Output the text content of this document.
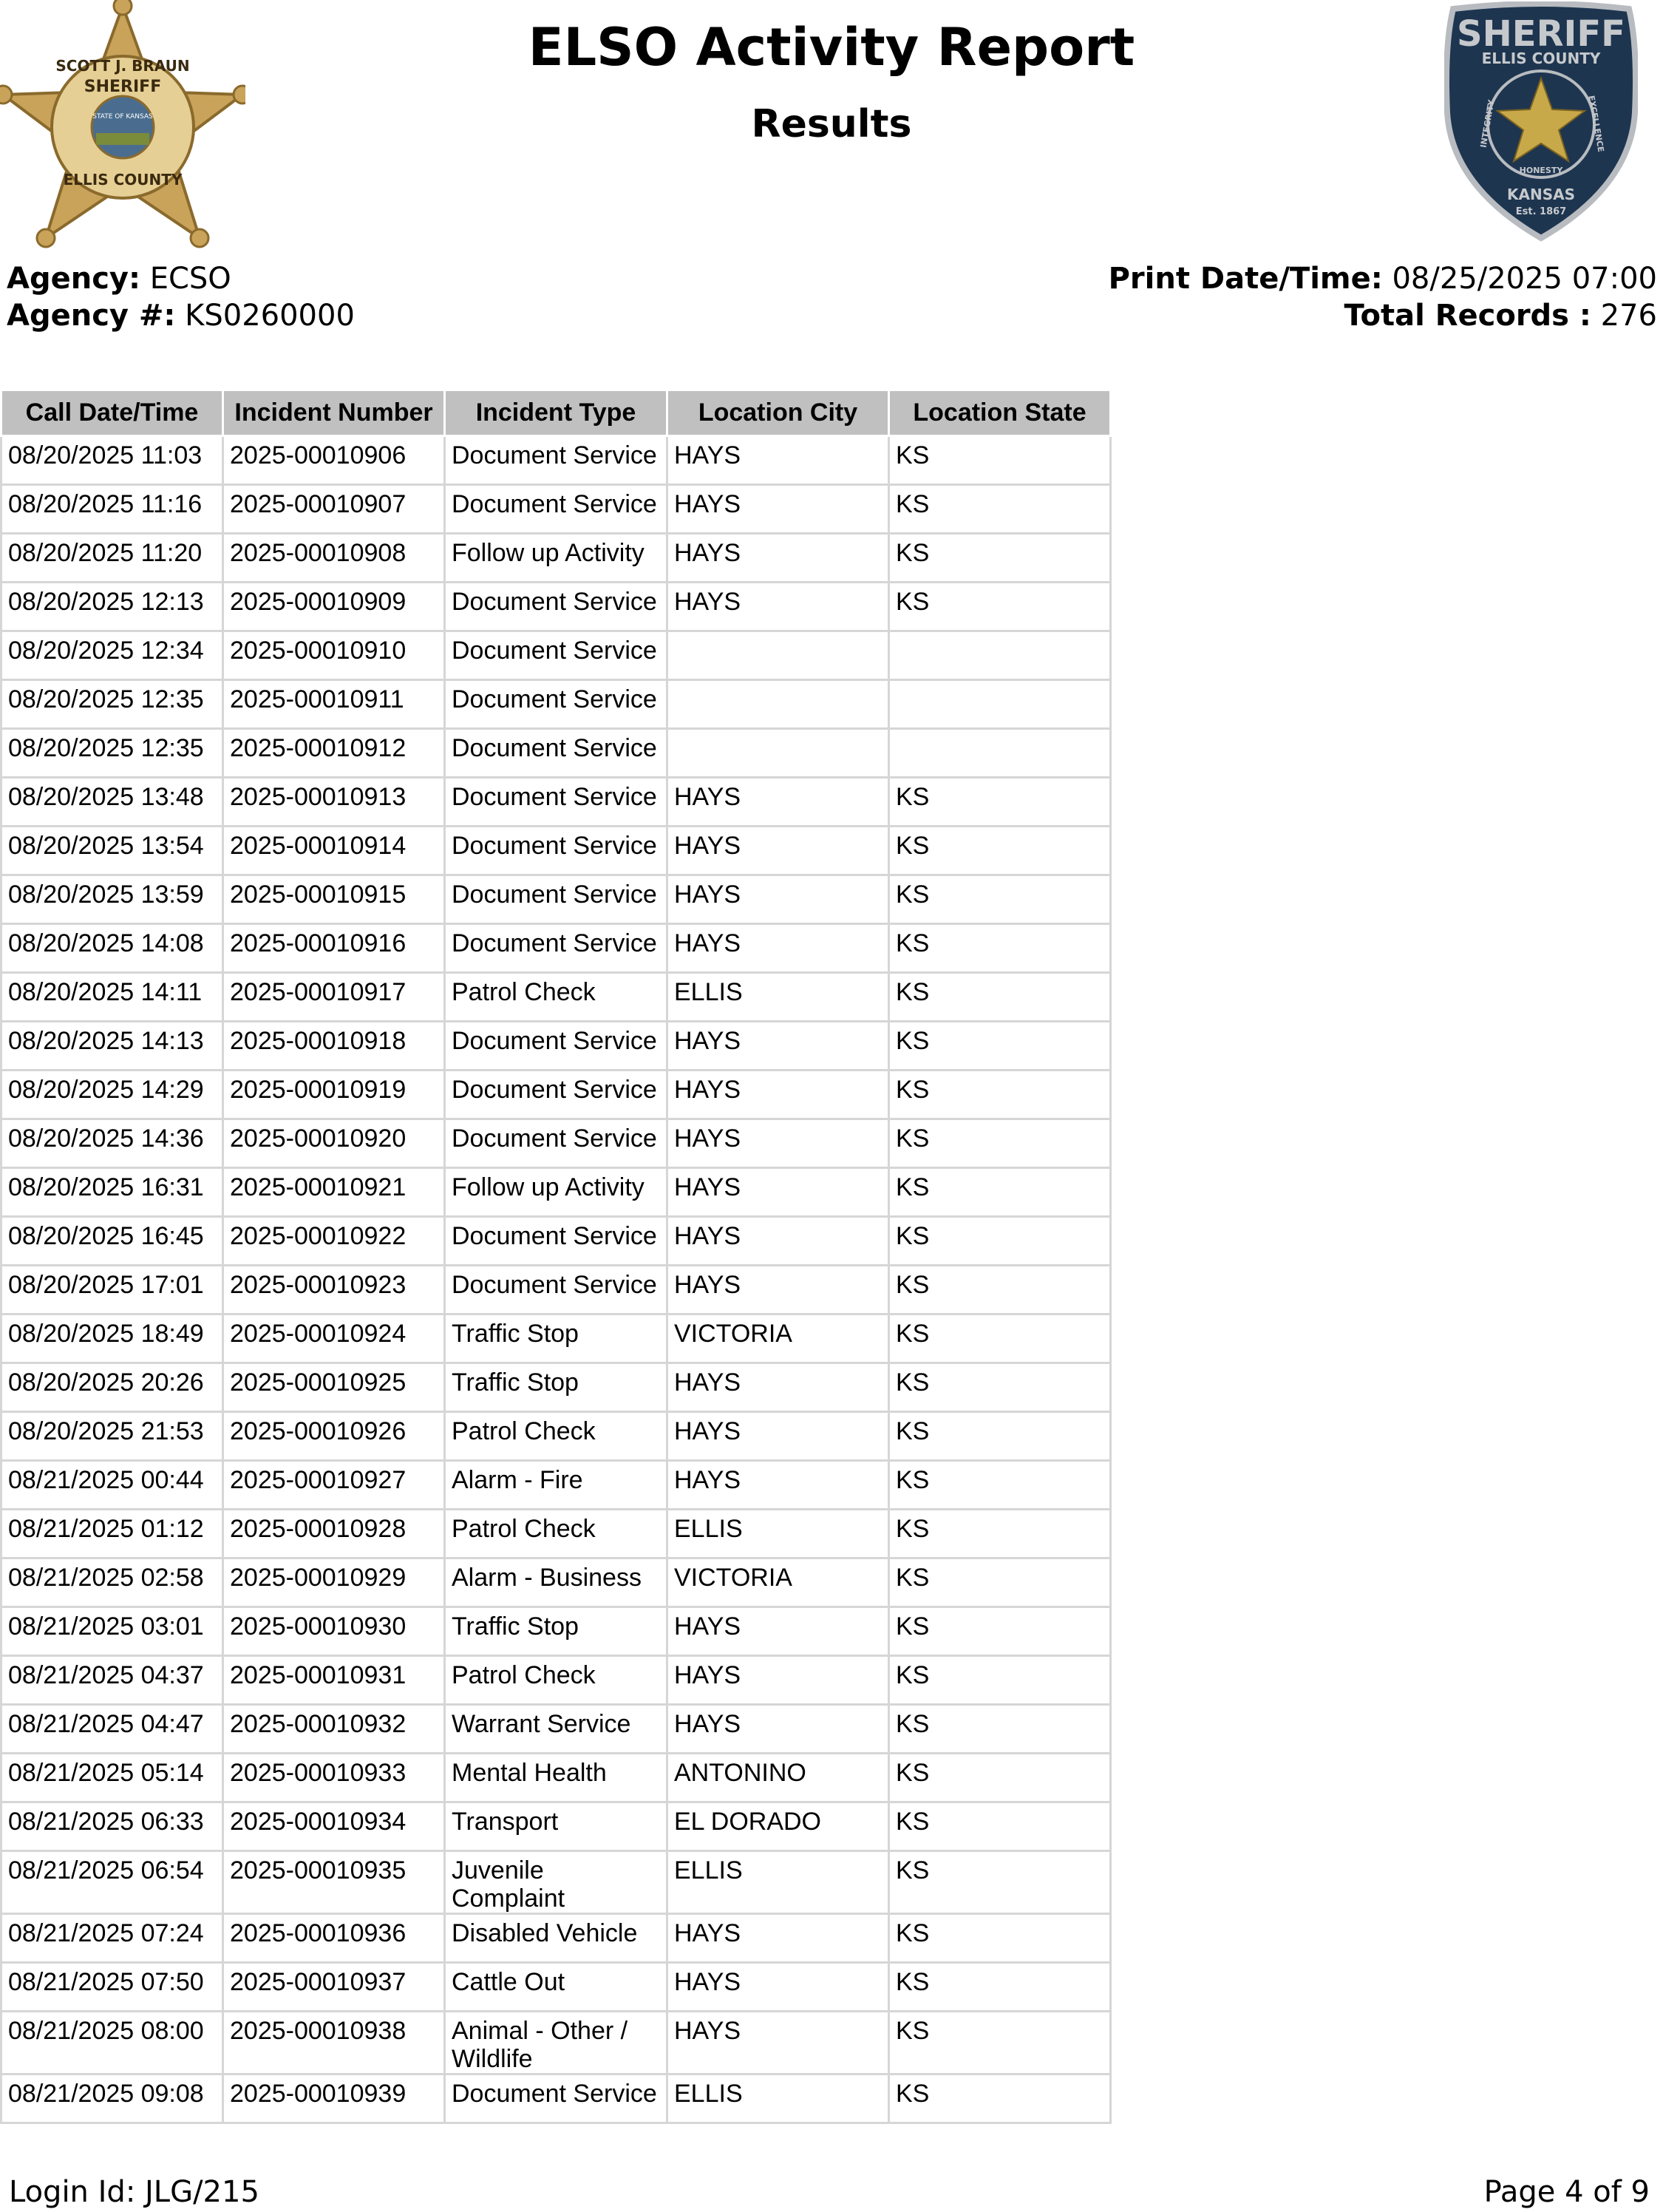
SCOTT J. BRAUN
SHERIFF
STATE OF KANSAS
ELLIS COUNTY
SHERIFF
ELLIS COUNTY
INTEGRITY	EXCELLENCE
HONESTY
KANSAS
Est. 1867
ELSO Activity Report
Results
Agency: ECSO
Agency #: KS0260000
Print Date/Time: 08/25/2025 07:00
Total Records : 276
Call Date/Time	Incident Number	Incident Type	Location City	Location State
08/20/2025 11:03	2025-00010906	Document Service	HAYS	KS
08/20/2025 11:16	2025-00010907	Document Service	HAYS	KS
08/20/2025 11:20	2025-00010908	Follow up Activity	HAYS	KS
08/20/2025 12:13	2025-00010909	Document Service	HAYS	KS
08/20/2025 12:34	2025-00010910	Document Service		
08/20/2025 12:35	2025-00010911	Document Service		
08/20/2025 12:35	2025-00010912	Document Service		
08/20/2025 13:48	2025-00010913	Document Service	HAYS	KS
08/20/2025 13:54	2025-00010914	Document Service	HAYS	KS
08/20/2025 13:59	2025-00010915	Document Service	HAYS	KS
08/20/2025 14:08	2025-00010916	Document Service	HAYS	KS
08/20/2025 14:11	2025-00010917	Patrol Check	ELLIS	KS
08/20/2025 14:13	2025-00010918	Document Service	HAYS	KS
08/20/2025 14:29	2025-00010919	Document Service	HAYS	KS
08/20/2025 14:36	2025-00010920	Document Service	HAYS	KS
08/20/2025 16:31	2025-00010921	Follow up Activity	HAYS	KS
08/20/2025 16:45	2025-00010922	Document Service	HAYS	KS
08/20/2025 17:01	2025-00010923	Document Service	HAYS	KS
08/20/2025 18:49	2025-00010924	Traffic Stop	VICTORIA	KS
08/20/2025 20:26	2025-00010925	Traffic Stop	HAYS	KS
08/20/2025 21:53	2025-00010926	Patrol Check	HAYS	KS
08/21/2025 00:44	2025-00010927	Alarm - Fire	HAYS	KS
08/21/2025 01:12	2025-00010928	Patrol Check	ELLIS	KS
08/21/2025 02:58	2025-00010929	Alarm - Business	VICTORIA	KS
08/21/2025 03:01	2025-00010930	Traffic Stop	HAYS	KS
08/21/2025 04:37	2025-00010931	Patrol Check	HAYS	KS
08/21/2025 04:47	2025-00010932	Warrant Service	HAYS	KS
08/21/2025 05:14	2025-00010933	Mental Health	ANTONINO	KS
08/21/2025 06:33	2025-00010934	Transport	EL DORADO	KS
08/21/2025 06:54	2025-00010935	Juvenile Complaint	ELLIS	KS
08/21/2025 07:24	2025-00010936	Disabled Vehicle	HAYS	KS
08/21/2025 07:50	2025-00010937	Cattle Out	HAYS	KS
08/21/2025 08:00	2025-00010938	Animal - Other / Wildlife	HAYS	KS
08/21/2025 09:08	2025-00010939	Document Service	ELLIS	KS
Login Id: JLG/215	Page 4 of 9
